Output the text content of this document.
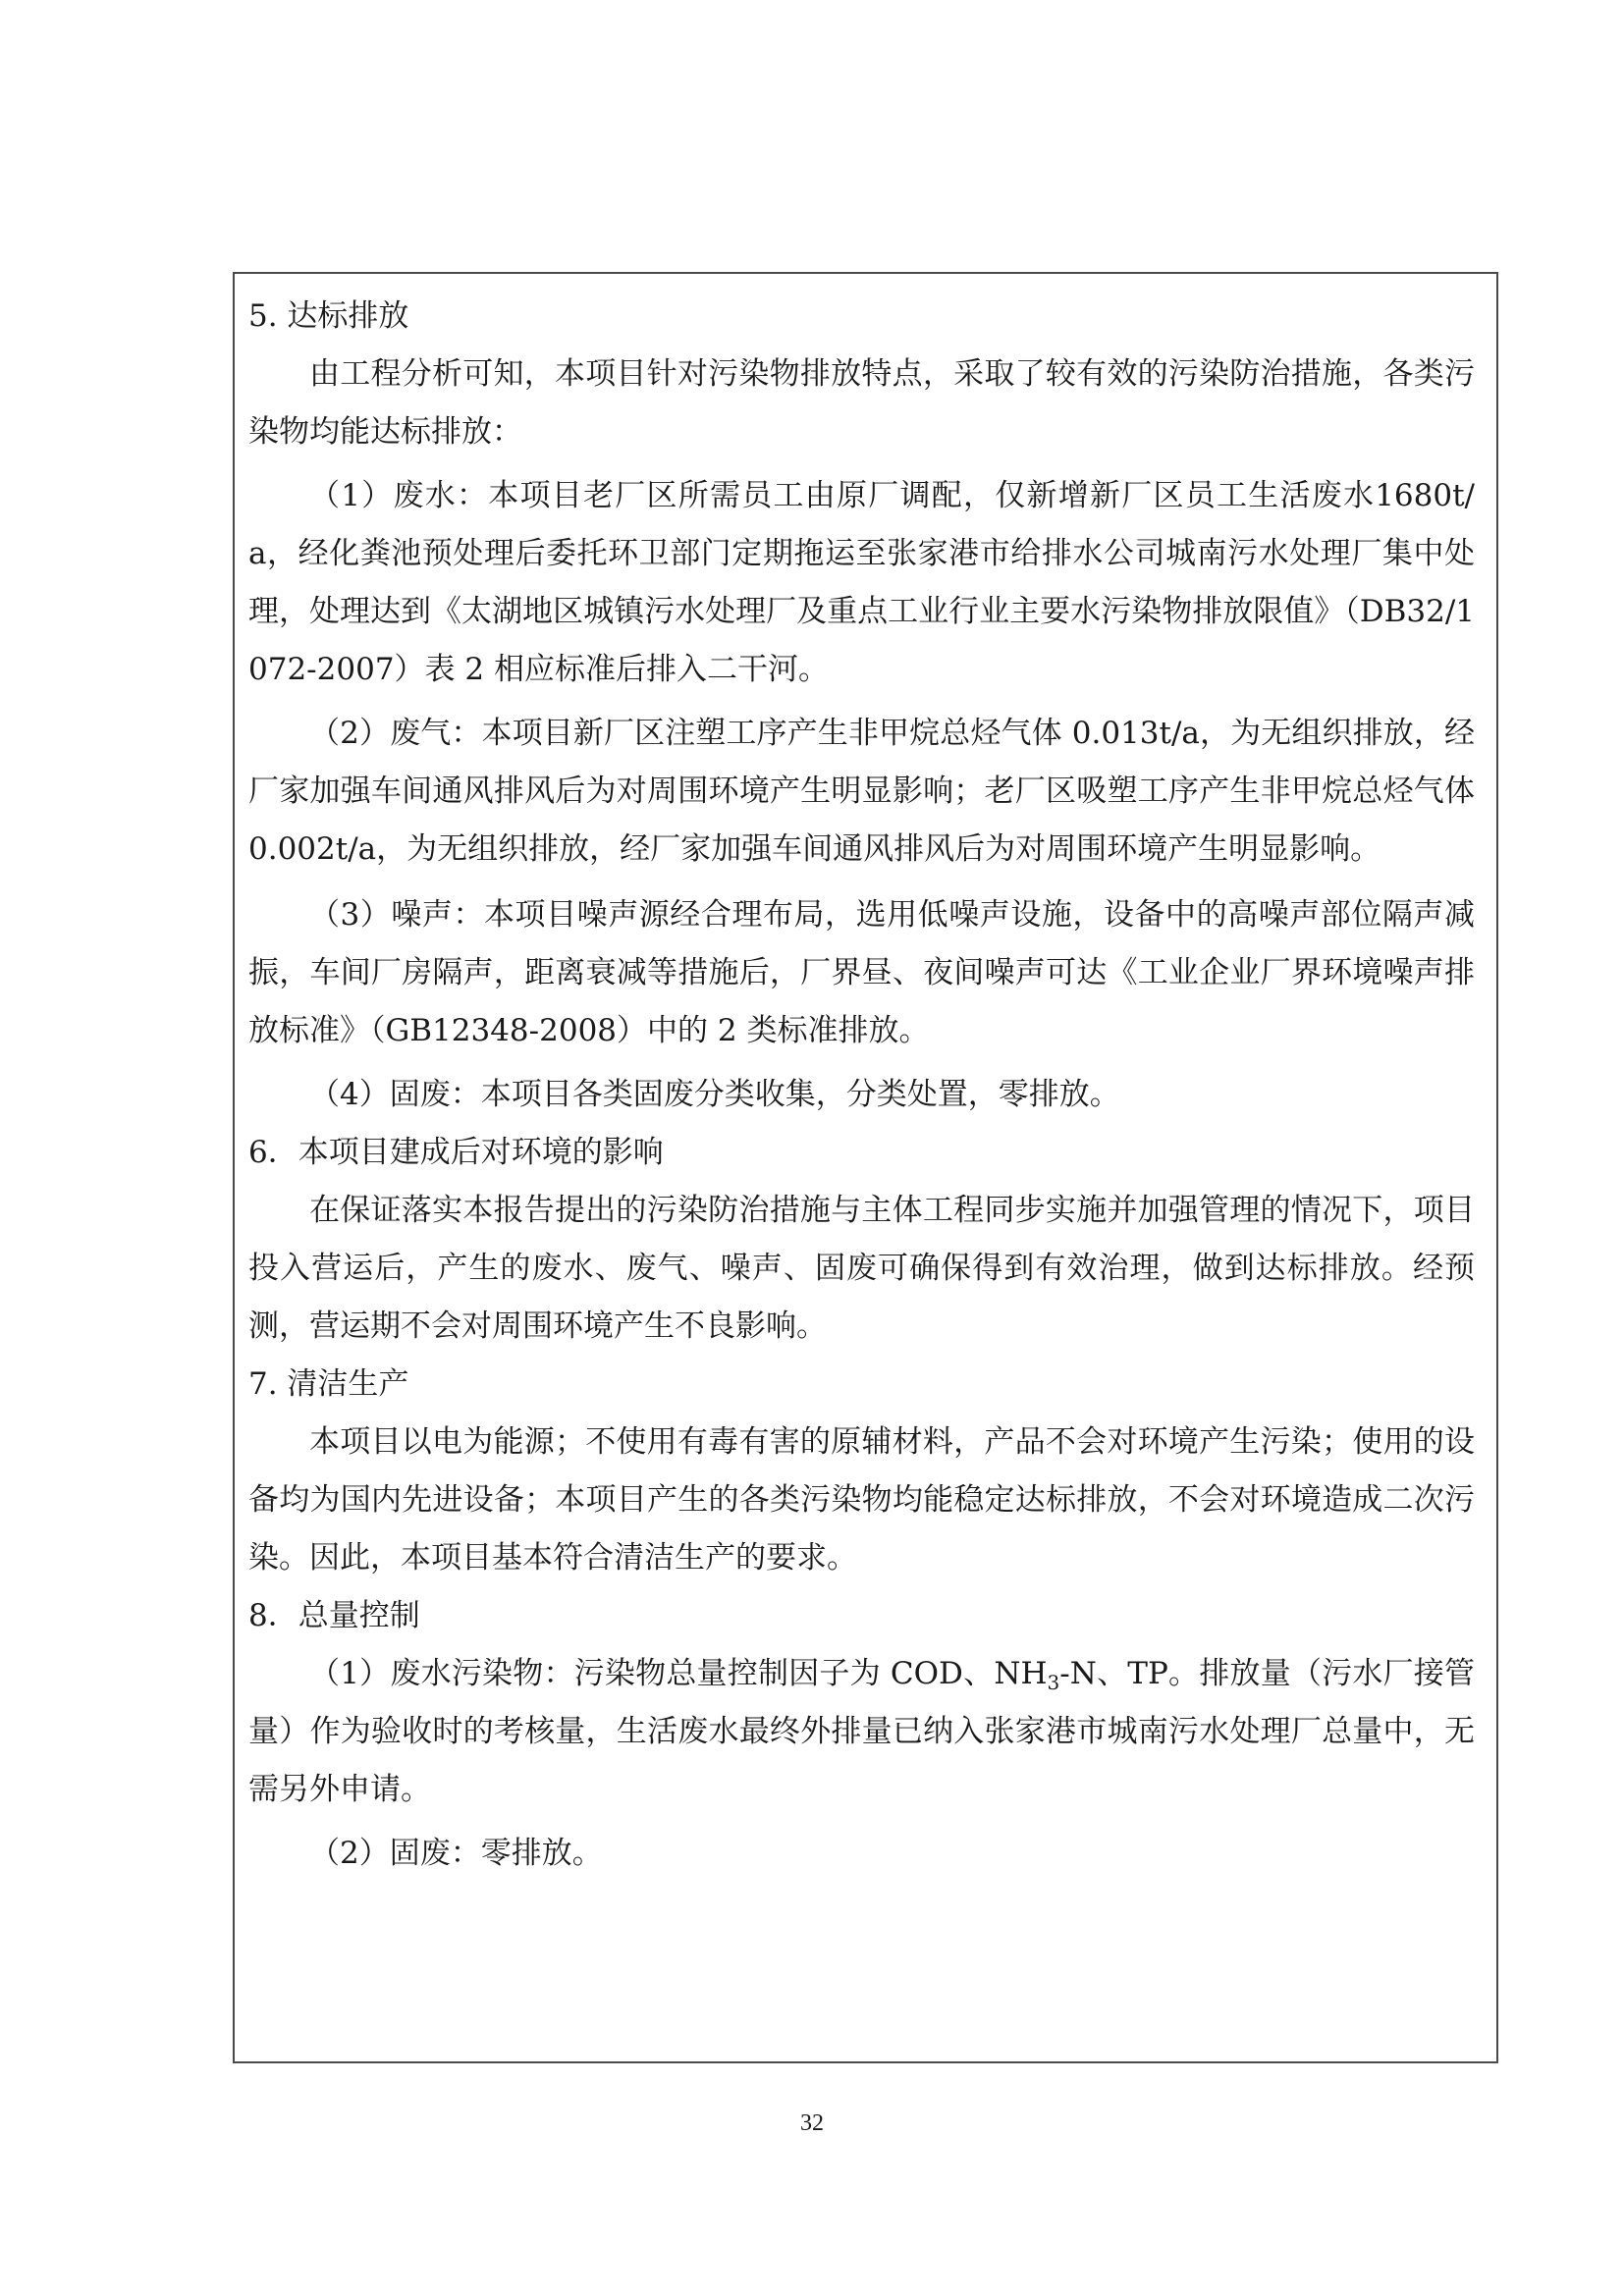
5. 达标排放

由工程分析可知，本项目针对污染物排放特点，采取了较有效的污染防治措施，各类污染物均能达标排放：

（1）废水：本项目老厂区所需员工由原厂调配，仅新增新厂区员工生活废水1680t/a，经化粪池预处理后委托环卫部门定期拖运至张家港市给排水公司城南污水处理厂集中处理，处理达到《太湖地区城镇污水处理厂及重点工业行业主要水污染物排放限值》（DB32/1072-2007）表 2 相应标准后排入二干河。

（2）废气：本项目新厂区注塑工序产生非甲烷总烃气体 0.013t/a，为无组织排放，经厂家加强车间通风排风后为对周围环境产生明显影响；老厂区吸塑工序产生非甲烷总烃气体 0.002t/a，为无组织排放，经厂家加强车间通风排风后为对周围环境产生明显影响。

（3）噪声：本项目噪声源经合理布局，选用低噪声设施，设备中的高噪声部位隔声减振，车间厂房隔声，距离衰减等措施后，厂界昼、夜间噪声可达《工业企业厂界环境噪声排放标准》（GB12348-2008）中的 2 类标准排放。

（4）固废：本项目各类固废分类收集，分类处置，零排放。

6．本项目建成后对环境的影响

在保证落实本报告提出的污染防治措施与主体工程同步实施并加强管理的情况下，项目投入营运后，产生的废水、废气、噪声、固废可确保得到有效治理，做到达标排放。经预测，营运期不会对周围环境产生不良影响。

7. 清洁生产

本项目以电为能源；不使用有毒有害的原辅材料，产品不会对环境产生污染；使用的设备均为国内先进设备；本项目产生的各类污染物均能稳定达标排放，不会对环境造成二次污染。因此，本项目基本符合清洁生产的要求。

8．总量控制

（1）废水污染物：污染物总量控制因子为 COD、$NH_3-N$、TP。排放量（污水厂接管量）作为验收时的考核量，生活废水最终外排量已纳入张家港市城南污水处理厂总量中，无需另外申请。

（2）固废：零排放。

32
